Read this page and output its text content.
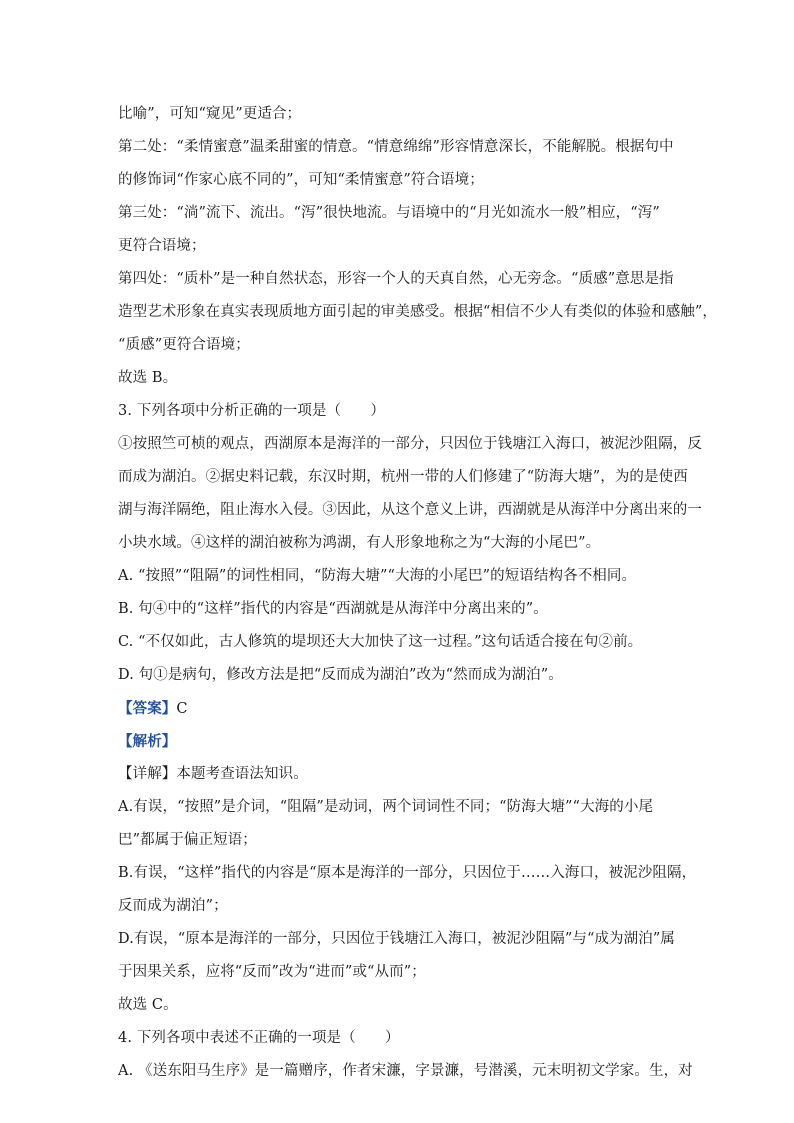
比喻”，可知“窥见”更适合；
第二处：“柔情蜜意”温柔甜蜜的情意。“情意绵绵”形容情意深长，不能解脱。根据句中
的修饰词“作家心底不同的”，可知“柔情蜜意”符合语境；
第三处：“淌”流下、流出。“泻”很快地流。与语境中的“月光如流水一般”相应，“泻”
更符合语境；
第四处：“质朴”是一种自然状态，形容一个人的天真自然，心无旁念。“质感”意思是指
造型艺术形象在真实表现质地方面引起的审美感受。根据“相信不少人有类似的体验和感触”，
“质感”更符合语境；
故选 B。
3. 下列各项中分析正确的一项是（　　）
①按照竺可桢的观点，西湖原本是海洋的一部分，只因位于钱塘江入海口，被泥沙阻隔，反
而成为湖泊。②据史料记载，东汉时期，杭州一带的人们修建了“防海大塘”，为的是使西
湖与海洋隔绝，阻止海水入侵。③因此，从这个意义上讲，西湖就是从海洋中分离出来的一
小块水域。④这样的湖泊被称为鸿湖，有人形象地称之为“大海的小尾巴”。
A. “按照”“阻隔”的词性相同，“防海大塘”“大海的小尾巴”的短语结构各不相同。
B. 句④中的“这样”指代的内容是“西湖就是从海洋中分离出来的”。
C. “不仅如此，古人修筑的堤坝还大大加快了这一过程。”这句话适合接在句②前。
D. 句①是病句，修改方法是把“反而成为湖泊”改为“然而成为湖泊”。
【答案】C
【解析】
【详解】本题考查语法知识。
A.有误，“按照”是介词，“阻隔”是动词，两个词词性不同；“防海大塘”“大海的小尾
巴”都属于偏正短语；
B.有误，“这样”指代的内容是“原本是海洋的一部分，只因位于……入海口，被泥沙阻隔，
反而成为湖泊”；
D.有误，“原本是海洋的一部分，只因位于钱塘江入海口，被泥沙阻隔”与“成为湖泊”属
于因果关系，应将“反而”改为“进而”或“从而”；
故选 C。
4. 下列各项中表述不正确的一项是（　　）
A. 《送东阳马生序》是一篇赠序，作者宋濂，字景濂，号潜溪，元末明初文学家。生，对
